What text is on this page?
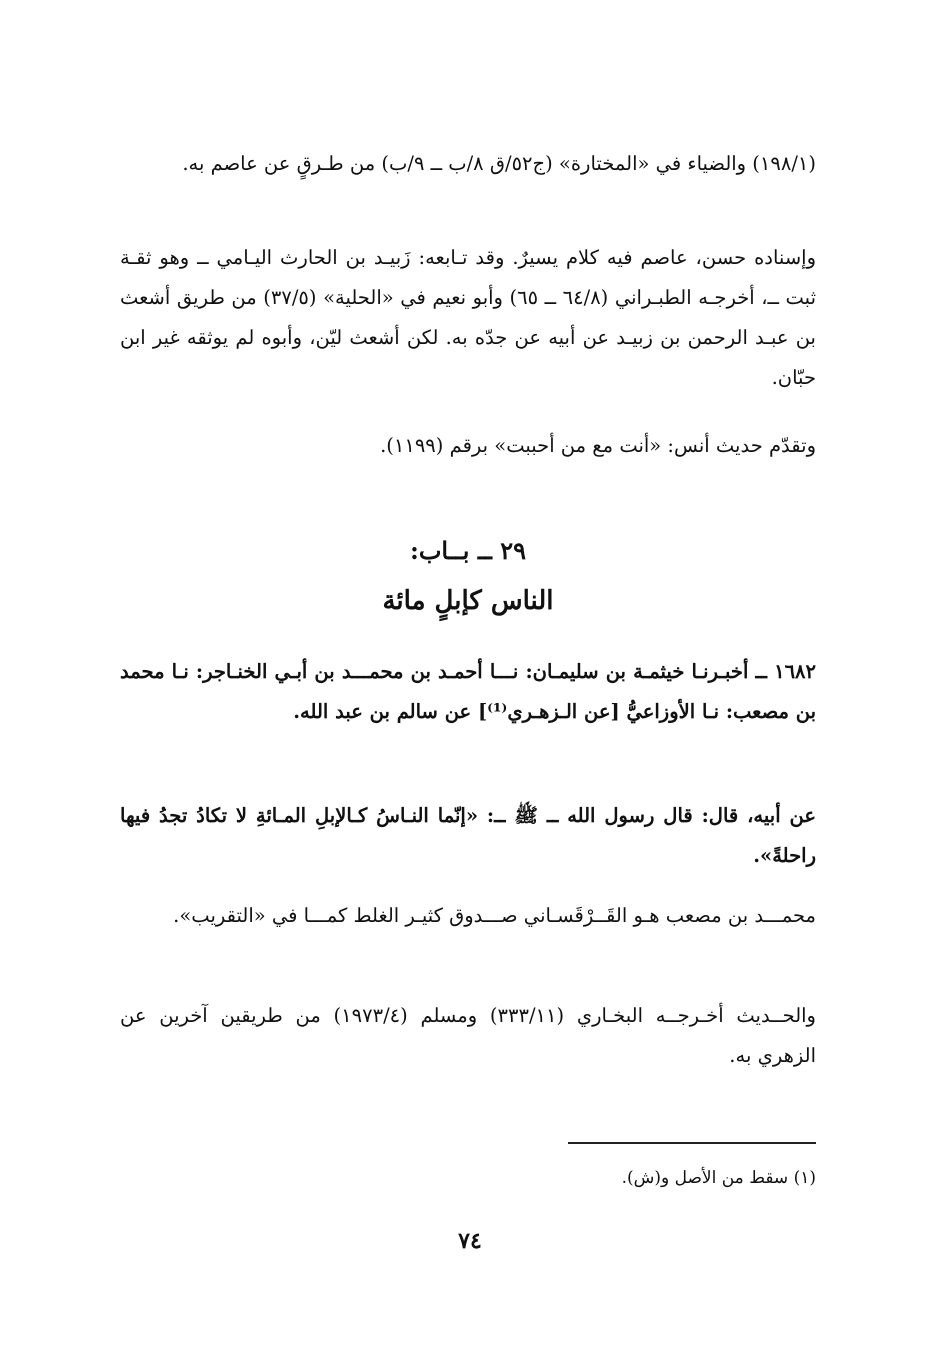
(١٩٨/١) والضياء في «المختارة» (ج٥٢/ق ٨/ب ــ ٩/ب) من طـرقٍ عن عاصم به.

وإسناده حسن، عاصم فيه كلام يسيرٌ. وقد تـابعه: زَبيـد بن الحارث اليـامي ــ وهو ثقـة ثبت ــ، أخرجـه الطبـراني (٦٤/٨ ــ ٦٥) وأبو نعيم في «الحلية» (٣٧/٥) من طريق أشعث بن عبـد الرحمن بن زبيـد عن أبيه عن جدّه به. لكن أشعث ليّن، وأبوه لم يوثقه غير ابن حبّان.

وتقدّم حديث أنس: «أنت مع من أحببت» برقم (١١٩٩).

٢٩ ــ بــاب:
الناس كإبلٍ مائة

١٦٨٢ ــ أخبـرنـا خيثمـة بن سليمـان: نـــا أحمـد بن محمـــد بن أبـي الخنـاجر: نـا محمد بن مصعب: نـا الأوزاعيُّ [عن الـزهـري⁽¹⁾] عن سالم بن عبد الله.

عن أبيه، قال: قال رسول الله ــ ﷺ ــ: «إنّما النـاسُ كـالإبلِ المـائةِ لا تكادُ تجدُ فيها راحلةً».

محمـــد بن مصعب هـو القَــرْقَسـاني صـــدوق كثيـر الغلط كمـــا في «التقريب».

والحــديث أخـرجــه البخـاري (٣٣٣/١١) ومسلم (١٩٧٣/٤) من طريقين آخرين عن الزهري به.

(١) سقط من الأصل و(ش).
٧٤
